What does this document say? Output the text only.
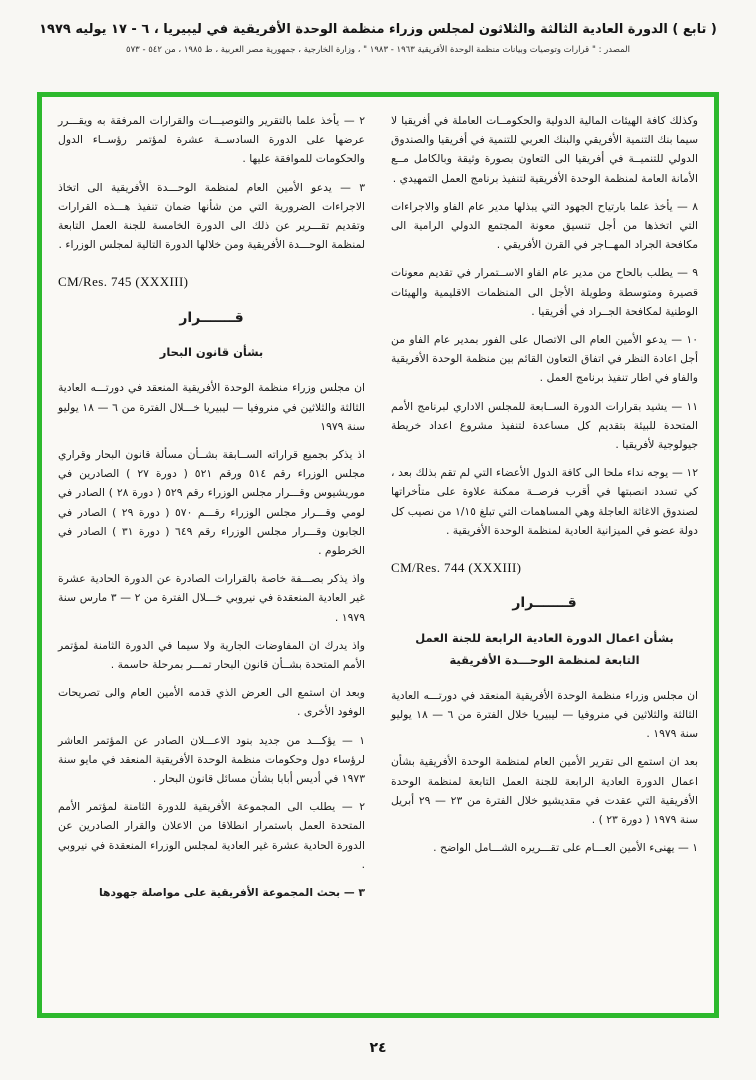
( تابع ) الدورة العادية الثالثة والثلاثون لمجلس وزراء منظمة الوحدة الأفريقية في ليبيريا ، ٦ - ١٧ يوليه ١٩٧٩
المصدر : " قرارات وتوصيات وبيانات منظمة الوحدة الأفريقية ١٩٦٣ - ١٩٨٣ " ، وزارة الخارجية ، جمهورية مصر العربية ، ط ١٩٨٥ ، من ٥٤٢ - ٥٧٣

وكذلك كافة الهيئات المالية الدولية والحكومــات العاملة في أفريقيا لا سيما بنك التنمية الأفريقي والبنك العربي للتنمية في أفريقيا والصندوق الدولي للتنميــة في أفريقيا الى التعاون بصورة وثيقة وبالكامل مــع الأمانة العامة لمنظمة الوحدة الأفريقية لتنفيذ برنامج العمل التمهيدي .

٨ — يأخذ علما بارتياح الجهود التي يبذلها مدير عام الفاو والاجراءات التي اتخذها من أجل تنسيق معونة المجتمع الدولي الرامية الى مكافحة الجراد المهــاجر في القرن الأفريقي .

٩ — يطلب بالحاح من مدير عام الفاو الاســتمرار في تقديم معونات قصيرة ومتوسطة وطويلة الأجل الى المنظمات الاقليمية والهيئات الوطنية لمكافحة الجــراد في أفريقيا .

١٠ — يدعو الأمين العام الى الاتصال على الفور بمدير عام الفاو من أجل اعادة النظر في اتفاق التعاون القائم بين منظمة الوحدة الأفريقية والفاو في اطار تنفيذ برنامج العمل .

١١ — يشيد بقرارات الدورة الســابعة للمجلس الاداري لبرنامج الأمم المتحدة للبيئة بتقديم كل مساعدة لتنفيذ مشروع اعداد خريطة جيولوجية لأفريقيا .

١٢ — يوجه نداء ملحا الى كافة الدول الأعضاء التي لم تقم بذلك بعد ، كي تسدد انصبتها في أقرب فرصــة ممكنة علاوة على متأخراتها لصندوق الاغاثة العاجلة وهي المساهمات التي تبلغ ١/١٥ من نصيب كل دولة عضو في الميزانية العادية لمنظمة الوحدة الأفريقية .

CM/Res. 744 (XXXIII)

قـــــــرار

بشأن اعمال الدورة العادية الرابعة للجنة العمل التابعة لمنظمة الوحـــدة الأفريقية

ان مجلس وزراء منظمة الوحدة الأفريقية المنعقد في دورتـــه العادية الثالثة والثلاثين في منروفيا — ليبيريا خلال الفترة من ٦ — ١٨ يوليو سنة ١٩٧٩ .

بعد ان استمع الى تقرير الأمين العام لمنظمة الوحدة الأفريقية بشأن اعمال الدورة العادية الرابعة للجنة العمل التابعة لمنظمة الوحدة الأفريقية التي عقدت في مقديشيو خلال الفترة من ٢٣ — ٢٩ أبريل سنة ١٩٧٩ ( دورة ٢٣ ) .

١ — يهنىء الأمين العـــام على تقـــريره الشـــامل الواضح .

٢ — يأخذ علما بالتقرير والتوصيـــات والقرارات المرفقة به ويقـــرر عرضها على الدورة السادســة عشرة لمؤتمر رؤســاء الدول والحكومات للموافقة عليها .

٣ — يدعو الأمين العام لمنظمة الوحـــدة الأفريقية الى اتخاذ الاجراءات الضرورية التي من شأنها ضمان تنفيذ هـــذه القرارات وتقديم تقـــرير عن ذلك الى الدورة الخامسة للجنة العمل التابعة لمنظمة الوحـــدة الأفريقية ومن خلالها الدورة التالية لمجلس الوزراء .

CM/Res. 745 (XXXIII)

قـــــــرار

بشأن قانون البحار

ان مجلس وزراء منظمة الوحدة الأفريقية المنعقد في دورتـــه العادية الثالثة والثلاثين في منروفيا — ليبيريا خـــلال الفترة من ٦ — ١٨ يوليو سنة ١٩٧٩

اذ يذكر بجميع قراراته الســابقة بشــأن مسألة قانون البحار وقراري مجلس الوزراء رقم ٥١٤ ورقم ٥٢١ ( دورة ٢٧ ) الصادرين في موريشيوس وقـــرار مجلس الوزراء رقم ٥٢٩ ( دورة ٢٨ ) الصادر في لومي وقـــرار مجلس الوزراء رقـــم ٥٧٠ ( دورة ٢٩ ) الصادر في الجابون وقـــرار مجلس الوزراء رقم ٦٤٩ ( دورة ٣١ ) الصادر في الخرطوم .

واذ يذكر بصـــفة خاصة بالقرارات الصادرة عن الدورة الحادية عشرة غير العادية المنعقدة في نيروبي خـــلال الفترة من ٢ — ٣ مارس سنة ١٩٧٩ .

واذ يدرك ان المفاوضات الجارية ولا سيما في الدورة الثامنة لمؤتمر الأمم المتحدة بشــأن قانون البحار تمـــر بمرحلة حاسمة .

وبعد ان استمع الى العرض الذي قدمه الأمين العام والى تصريحات الوفود الأخرى .

١ — يؤكـــد من جديد بنود الاعـــلان الصادر عن المؤتمر العاشر لرؤساء دول وحكومات منظمة الوحدة الأفريقية المنعقد في مايو سنة ١٩٧٣ في أديس أبابا بشأن مسائل قانون البحار .

٢ — يطلب الى المجموعة الأفريقية للدورة الثامنة لمؤتمر الأمم المتحدة العمل باستمرار انطلاقا من الاعلان والقرار الصادرين عن الدورة الحادية عشرة غير العادية لمجلس الوزراء المنعقدة في نيروبي .

٣ — بحث المجموعة الأفريقية على مواصلة جهودها

٢٤
